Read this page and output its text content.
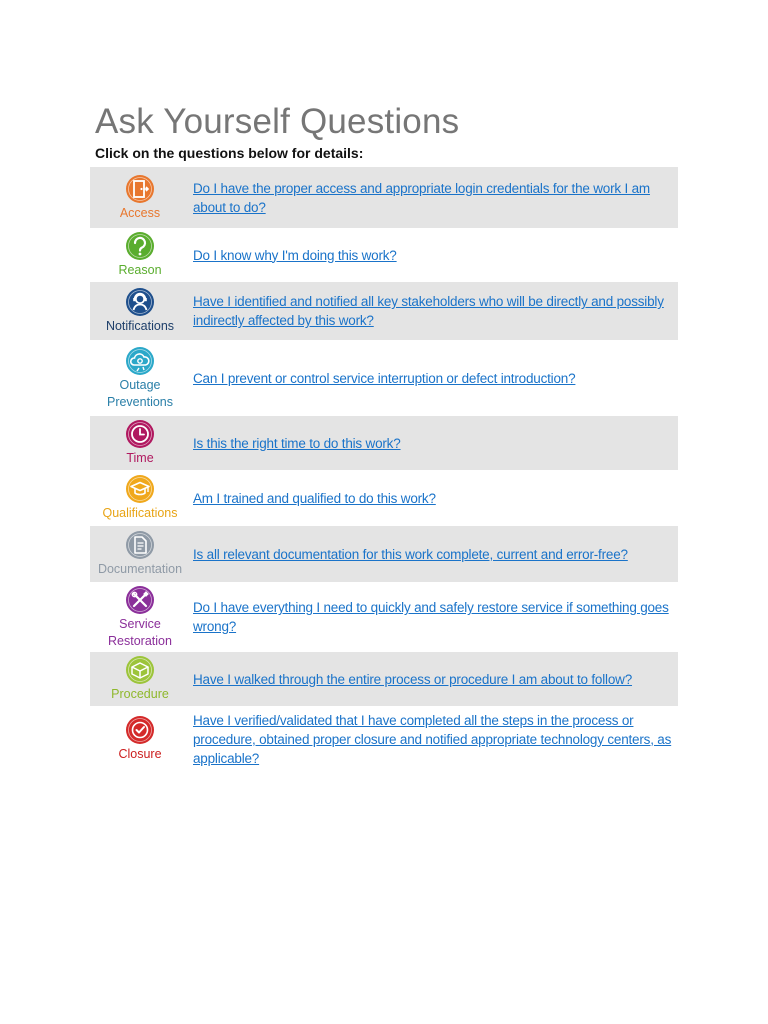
Ask Yourself Questions
Click on the questions below for details:
Access
Do I have the proper access and appropriate login credentials for the work I am about to do?
Reason
Do I know why I'm doing this work?
Notifications
Have I identified and notified all key stakeholders who will be directly and possibly indirectly affected by this work?
Outage
Preventions
Can I prevent or control service interruption or defect introduction?
Time
Is this the right time to do this work?
Qualifications
Am I trained and qualified to do this work?
Documentation
Is all relevant documentation for this work complete, current and error-free?
Service
Restoration
Do I have everything I need to quickly and safely restore service if something goes wrong?
Procedure
Have I walked through the entire process or procedure I am about to follow?
Closure
Have I verified/validated that I have completed all the steps in the process or procedure, obtained proper closure and notified appropriate technology centers, as applicable?
